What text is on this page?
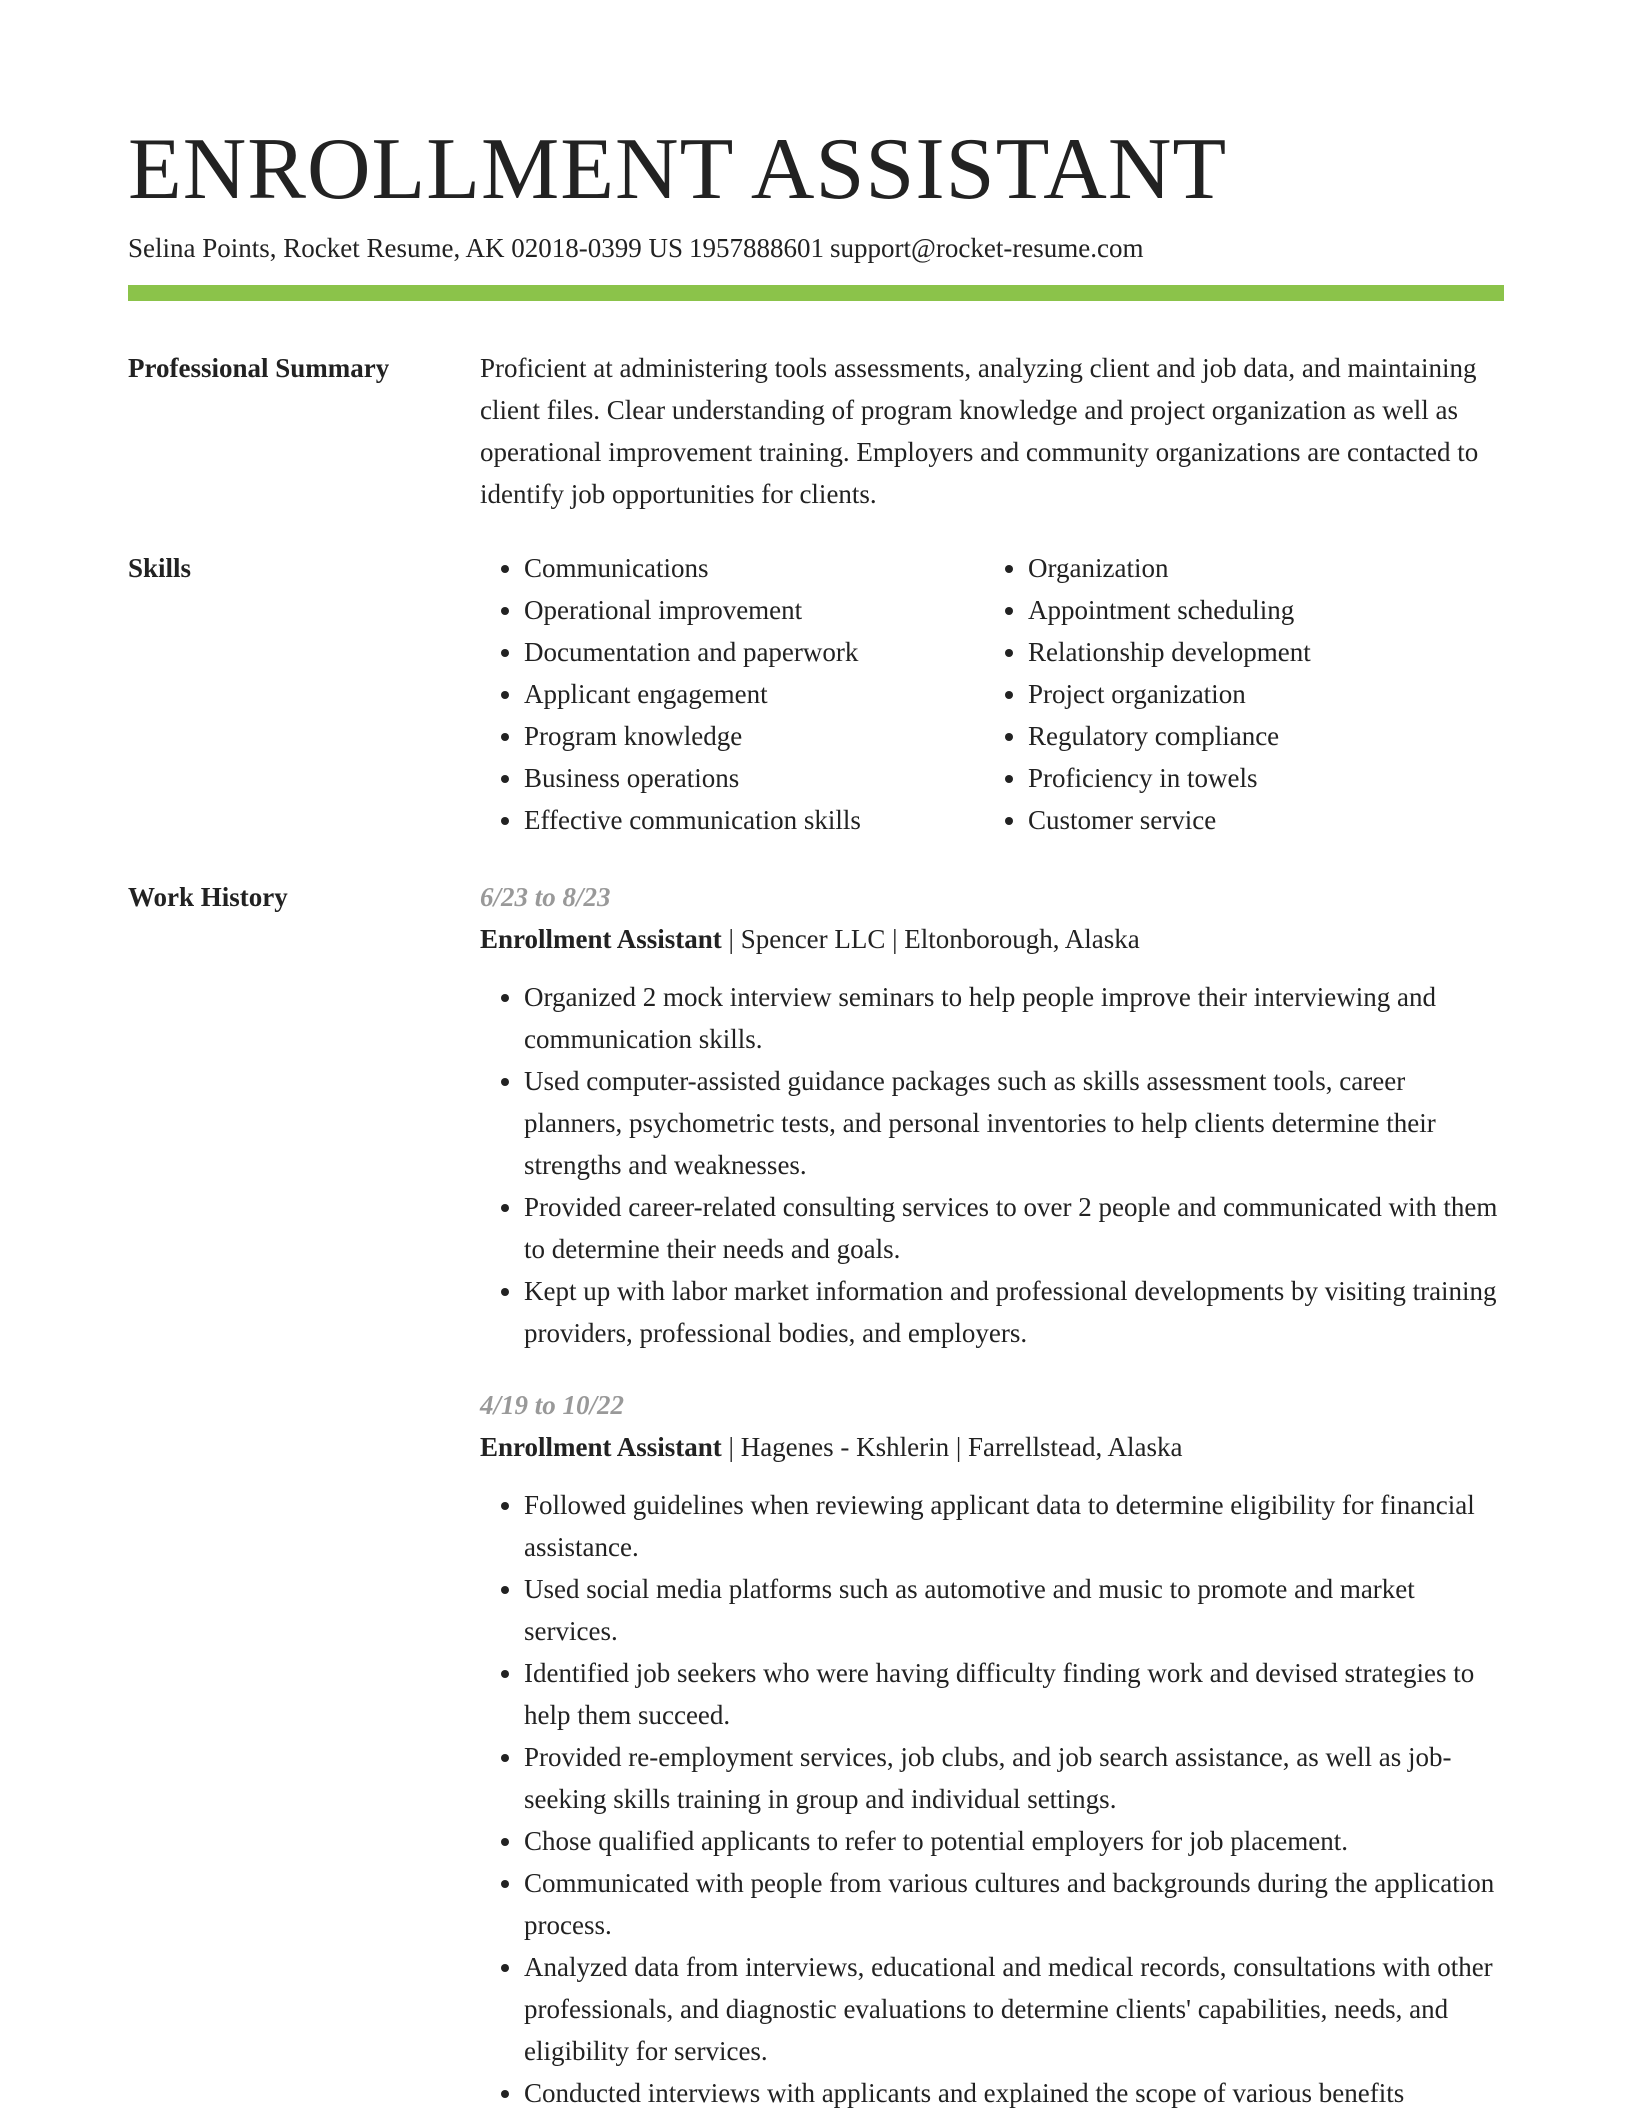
ENROLLMENT ASSISTANT
Selina Points, Rocket Resume, AK 02018-0399 US 1957888601 support@rocket-resume.com
Professional Summary	Proficient at administering tools assessments, analyzing client and job data, and maintaining client files. Clear understanding of program knowledge and project organization as well as operational improvement training. Employers and community organizations are contacted to identify job opportunities for clients.

Skills
•	Communications
• Operational improvement
• Documentation and paperwork
• Applicant engagement
• Program knowledge
• Business operations
• Effective communication skills
• Organization
• Appointment scheduling
• Relationship development
• Project organization
• Regulatory compliance
• Proficiency in towels
• Customer service
Work History	6/23 to 8/23
Enrollment Assistant | Spencer LLC | Eltonborough, Alaska
• Organized 2 mock interview seminars to help people improve their interviewing and communication skills.
• Used computer-assisted guidance packages such as skills assessment tools, career planners, psychometric tests, and personal inventories to help clients determine their strengths and weaknesses.
• Provided career-related consulting services to over 2 people and communicated with them to determine their needs and goals.
• Kept up with labor market information and professional developments by visiting training providers, professional bodies, and employers.
4/19 to 10/22
Enrollment Assistant | Hagenes - Kshlerin | Farrellstead, Alaska
• Followed guidelines when reviewing applicant data to determine eligibility for financial assistance.
• Used social media platforms such as automotive and music to promote and market services.
• Identified job seekers who were having difficulty finding work and devised strategies to help them succeed.
• Provided re-employment services, job clubs, and job search assistance, as well as job-seeking skills training in group and individual settings.
• Chose qualified applicants to refer to potential employers for job placement.
• Communicated with people from various cultures and backgrounds during the application process.
• Analyzed data from interviews, educational and medical records, consultations with other professionals, and diagnostic evaluations to determine clients' capabilities, needs, and eligibility for services.
• Conducted interviews with applicants and explained the scope of various benefits
